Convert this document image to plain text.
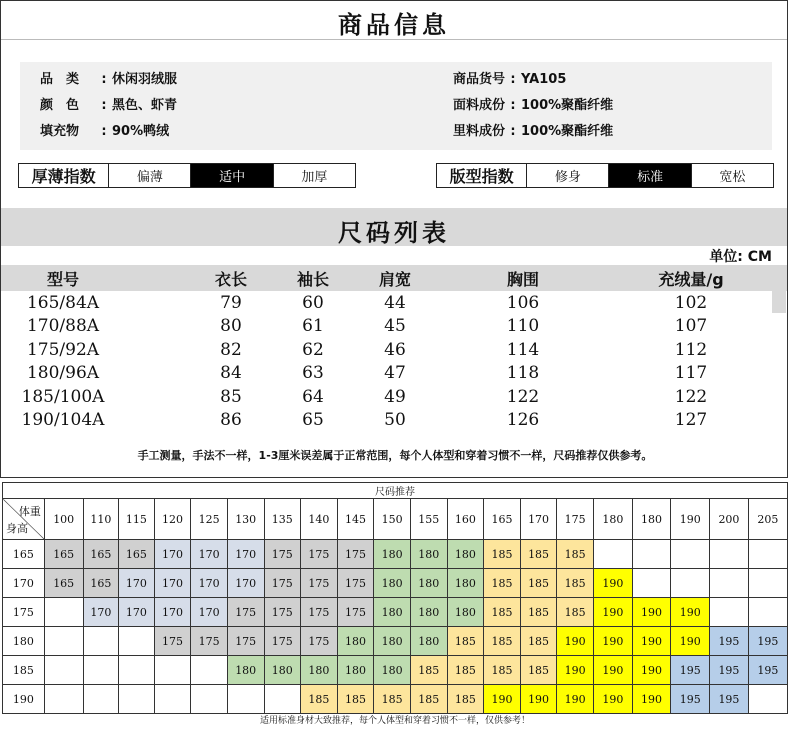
商品信息
品　类 : 休闲羽绒服
颜　色 : 黑色、虾青
填充物 : 90%鸭绒
商品货号 : YA105
面料成份 : 100%聚酯纤维
里料成份 : 100%聚酯纤维
厚薄指数	偏薄	适中	加厚	版型指数	修身	标准	宽松
尺码列表
单位: CM
型号	衣长	袖长	肩宽	胸围	充绒量/g
165/84A	79	60	44	106	102
170/88A	80	61	45	110	107
175/92A	82	62	46	114	112
180/96A	84	63	47	118	117
185/100A	85	64	49	122	122
190/104A	86	65	50	126	127
手工测量，手法不一样，1-3厘米误差属于正常范围，每个人体型和穿着习惯不一样，尺码推荐仅供参考。
尺码推荐																				

体重
身高	100	110	115	120	125	130	135	140	145	150	155	160	165	170	175	180	180	190	200	205
165	165	165	165	170	170	170	175	175	175	180	180	180	185	185	185					
170	165	165	170	170	170	170	175	175	175	180	180	180	185	185	185	190				
175		170	170	170	170	175	175	175	175	180	180	180	185	185	185	190	190	190		
180				175	175	175	175	175	180	180	180	185	185	185	190	190	190	190	195	195
185						180	180	180	180	180	185	185	185	185	190	190	190	195	195	195
190								185	185	185	185	185	190	190	190	190	190	195	195	
适用标准身材大致推荐，每个人体型和穿着习惯不一样，仅供参考！
